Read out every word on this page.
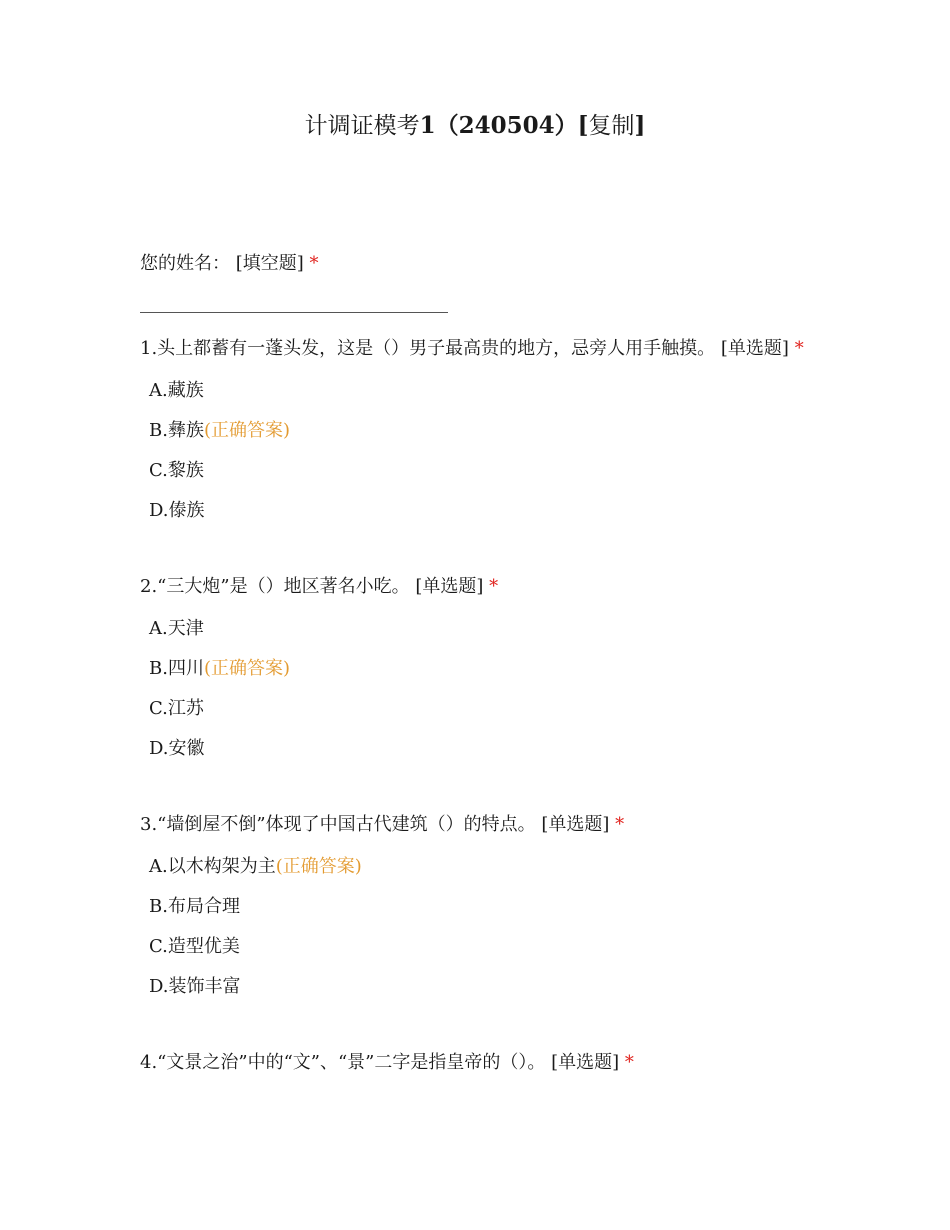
计调证模考1（240504）[复制]
您的姓名： [填空题] *
1.头上都蓄有一蓬头发，这是（）男子最高贵的地方，忌旁人用手触摸。 [单选题] *
A.藏族
B.彝族(正确答案)
C.黎族
D.傣族
2.“三大炮”是（）地区著名小吃。 [单选题] *
A.天津
B.四川(正确答案)
C.江苏
D.安徽
3.“墙倒屋不倒”体现了中国古代建筑（）的特点。 [单选题] *
A.以木构架为主(正确答案)
B.布局合理
C.造型优美
D.装饰丰富
4.“文景之治”中的“文”、“景”二字是指皇帝的（）。 [单选题] *
